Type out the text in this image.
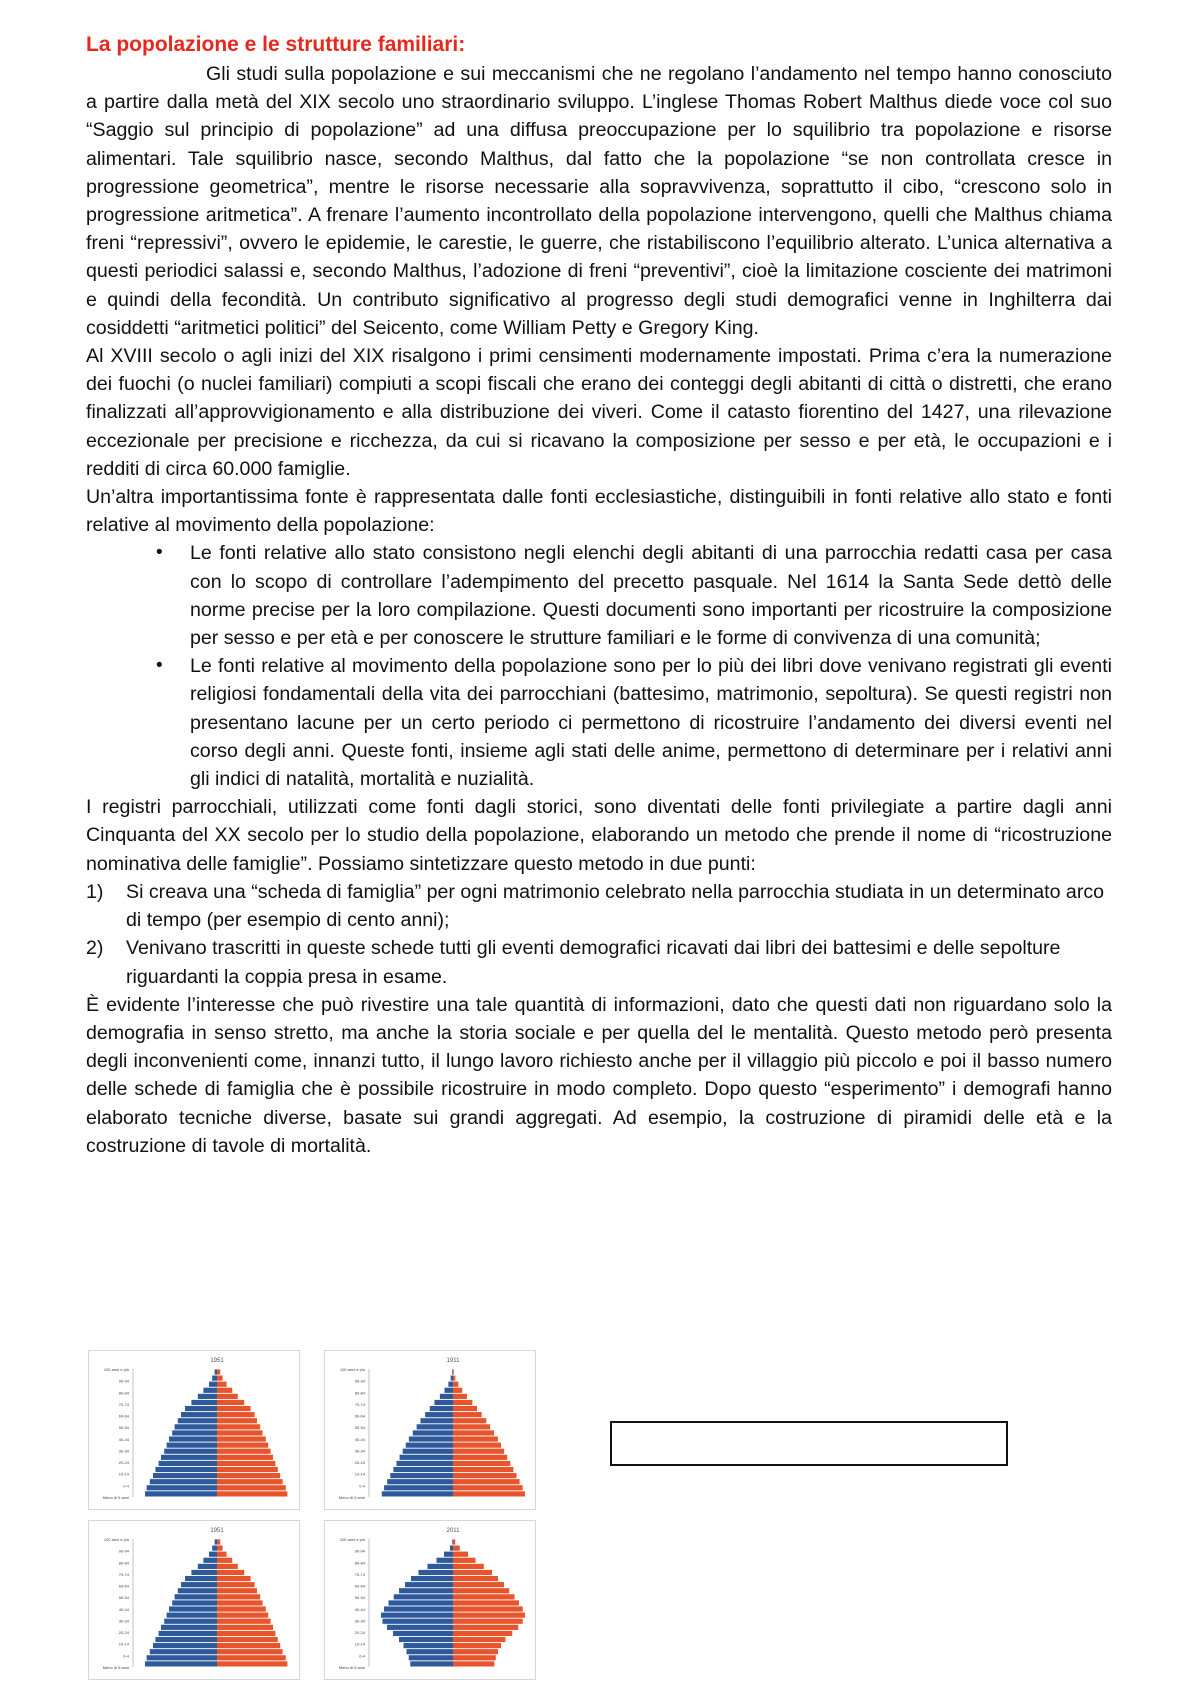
La popolazione e le strutture familiari:

Gli studi sulla popolazione e sui meccanismi che ne regolano l’andamento nel tempo hanno conosciuto a partire dalla metà del XIX secolo uno straordinario sviluppo. L’inglese Thomas Robert Malthus diede voce col suo “Saggio sul principio di popolazione” ad una diffusa preoccupazione per lo squilibrio tra popolazione e risorse alimentari. Tale squilibrio nasce, secondo Malthus, dal fatto che la popolazione “se non controllata cresce in progressione geometrica”, mentre le risorse necessarie alla sopravvivenza, soprattutto il cibo, “crescono solo in progressione aritmetica”. A frenare l’aumento incontrollato della popolazione intervengono, quelli che Malthus chiama freni “repressivi”, ovvero le epidemie, le carestie, le guerre, che ristabiliscono l’equilibrio alterato. L’unica alternativa a questi periodici salassi e, secondo Malthus, l’adozione di freni “preventivi”, cioè la limitazione cosciente dei matrimoni e quindi della fecondità. Un contributo significativo al progresso degli studi demografici venne in Inghilterra dai cosiddetti “aritmetici politici” del Seicento, come William Petty e Gregory King.

Al XVIII secolo o agli inizi del XIX risalgono i primi censimenti modernamente impostati. Prima c’era la numerazione dei fuochi (o nuclei familiari) compiuti a scopi fiscali che erano dei conteggi degli abitanti di città o distretti, che erano finalizzati all’approvvigionamento e alla distribuzione dei viveri. Come il catasto fiorentino del 1427, una rilevazione eccezionale per precisione e ricchezza, da cui si ricavano la composizione per sesso e per età, le occupazioni e i redditi di circa 60.000 famiglie.

Un’altra importantissima fonte è rappresentata dalle fonti ecclesiastiche, distinguibili in fonti relative allo stato e fonti relative al movimento della popolazione:

• Le fonti relative allo stato consistono negli elenchi degli abitanti di una parrocchia redatti casa per casa con lo scopo di controllare l’adempimento del precetto pasquale. Nel 1614 la Santa Sede dettò delle norme precise per la loro compilazione. Questi documenti sono importanti per ricostruire la composizione per sesso e per età e per conoscere le strutture familiari e le forme di convivenza di una comunità;
• Le fonti relative al movimento della popolazione sono per lo più dei libri dove venivano registrati gli eventi religiosi fondamentali della vita dei parrocchiani (battesimo, matrimonio, sepoltura). Se questi registri non presentano lacune per un certo periodo ci permettono di ricostruire l’andamento dei diversi eventi nel corso degli anni. Queste fonti, insieme agli stati delle anime, permettono di determinare per i relativi anni gli indici di natalità, mortalità e nuzialità.

I registri parrocchiali, utilizzati come fonti dagli storici, sono diventati delle fonti privilegiate a partire dagli anni Cinquanta del XX secolo per lo studio della popolazione, elaborando un metodo che prende il nome di “ricostruzione nominativa delle famiglie”. Possiamo sintetizzare questo metodo in due punti:

1) Si creava una “scheda di famiglia” per ogni matrimonio celebrato nella parrocchia studiata in un determinato arco di tempo (per esempio di cento anni);
2) Venivano trascritti in queste schede tutti gli eventi demografici ricavati dai libri dei battesimi e delle sepolture riguardanti la coppia presa in esame.

È evidente l’interesse che può rivestire una tale quantità di informazioni, dato che questi dati non riguardano solo la demografia in senso stretto, ma anche la storia sociale e per quella del le mentalità. Questo metodo però presenta degli inconvenienti come, innanzi tutto, il lungo lavoro richiesto anche per il villaggio più piccolo e poi il basso numero delle schede di famiglia che è possibile ricostruire in modo completo. Dopo questo “esperimento” i demografi hanno elaborato tecniche diverse, basate sui grandi aggregati. Ad esempio, la costruzione di piramidi delle età e la costruzione di tavole di mortalità.

1951
100 anni e più
90-94
80-84
70-74
60-64
50-54
40-44
30-34
20-24
10-14
0-4
Meno di 5 anni
1911
100 anni e più
90-94
80-84
70-74
60-64
50-54
40-44
30-34
20-24
10-14
0-4
Meno di 5 anni
1951
100 anni e più
90-94
80-84
70-74
60-64
50-54
40-44
30-34
20-24
10-14
0-4
Meno di 5 anni
2011
100 anni e più
90-94
80-84
70-74
60-64
50-54
40-44
30-34
20-24
10-14
0-4
Meno di 5 anni
